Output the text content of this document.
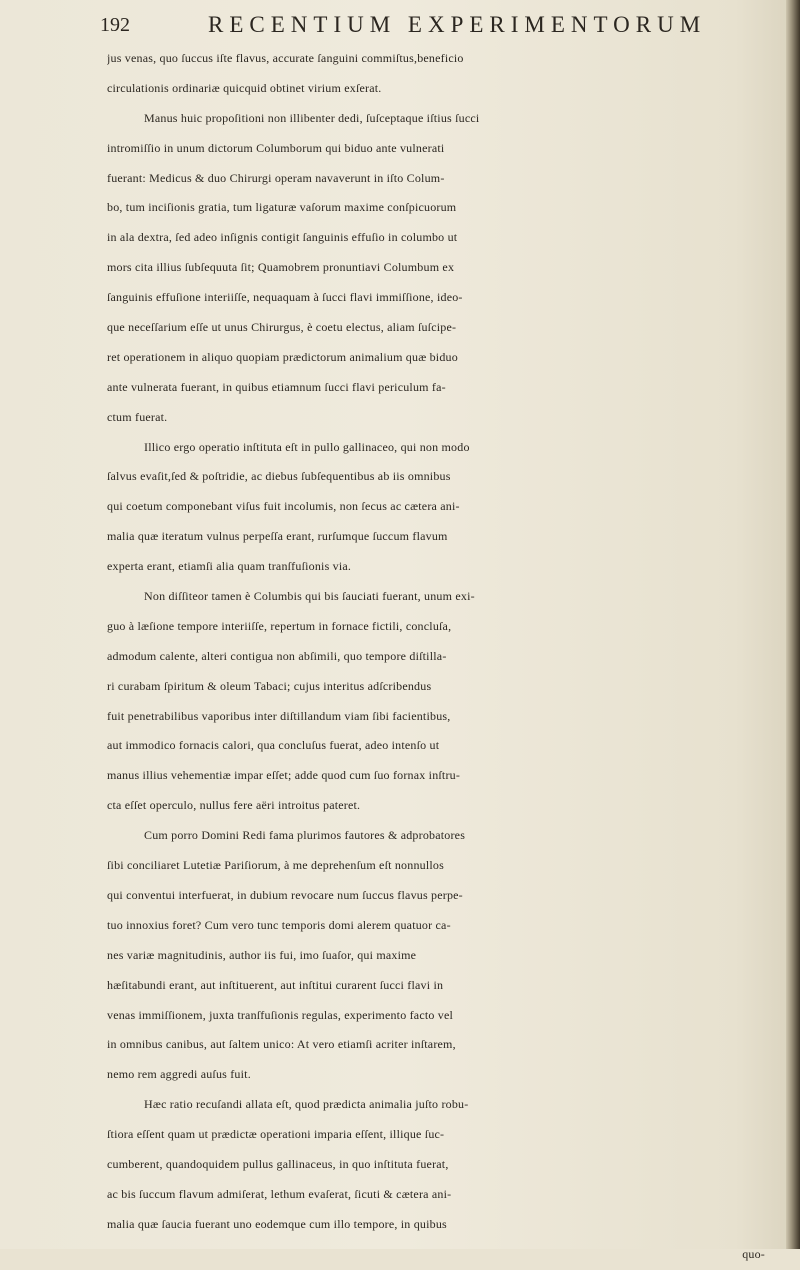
192	RECENTIUM EXPERIMENTORUM
jus venas, quo ſuccus iſte flavus, accurate ſanguini commiſtus,beneficio
circulationis ordinariæ quicquid obtinet virium exſerat.
Manus huic propoſitioni non illibenter dedi, ſuſceptaque iſtius ſucci
intromiſſio in unum dictorum Columborum qui biduo ante vulnerati
fuerant: Medicus & duo Chirurgi operam navaverunt in iſto Colum-
bo, tum inciſionis gratia, tum ligaturæ vaſorum maxime conſpicuorum
in ala dextra, ſed adeo inſignis contigit ſanguinis effuſio in columbo ut
mors cita illius ſubſequuta ſit; Quamobrem pronuntiavi Columbum ex
ſanguinis effuſione interiiſſe, nequaquam à ſucci flavi immiſſione, ideo-
que neceſſarium eſſe ut unus Chirurgus, è coetu electus, aliam ſuſcipe-
ret operationem in aliquo quopiam prædictorum animalium quæ biduo
ante vulnerata fuerant, in quibus etiamnum ſucci flavi periculum fa-
ctum fuerat.
Illico ergo operatio inſtituta eſt in pullo gallinaceo, qui non modo
ſalvus evaſit,ſed & poſtridie, ac diebus ſubſequentibus ab iis omnibus
qui coetum componebant viſus fuit incolumis, non ſecus ac cætera ani-
malia quæ iteratum vulnus perpeſſa erant, rurſumque ſuccum flavum
experta erant, etiamſi alia quam tranſfuſionis via.
Non diſſiteor tamen è Columbis qui bis ſauciati fuerant, unum exi-
guo à læſione tempore interiiſſe, repertum in fornace fictili, concluſa,
admodum calente, alteri contigua non abſimili, quo tempore diſtilla-
ri curabam ſpiritum & oleum Tabaci; cujus interitus adſcribendus
fuit penetrabilibus vaporibus inter diſtillandum viam ſibi facientibus,
aut immodico fornacis calori, qua concluſus fuerat, adeo intenſo ut
manus illius vehementiæ impar eſſet; adde quod cum ſuo fornax inſtru-
cta eſſet operculo, nullus fere aëri introitus pateret.
Cum porro Domini Redi fama plurimos fautores & adprobatores
ſibi conciliaret Lutetiæ Pariſiorum, à me deprehenſum eſt nonnullos
qui conventui interfuerat, in dubium revocare num ſuccus flavus perpe-
tuo innoxius foret? Cum vero tunc temporis domi alerem quatuor ca-
nes variæ magnitudinis, author iis fui, imo ſuaſor, qui maxime
hæſitabundi erant, aut inſtituerent, aut inſtitui curarent ſucci flavi in
venas immiſſionem, juxta tranſfuſionis regulas, experimento facto vel
in omnibus canibus, aut ſaltem unico: At vero etiamſi acriter inſtarem,
nemo rem aggredi auſus fuit.
Hæc ratio recuſandi allata eſt, quod prædicta animalia juſto robu-
ſtiora eſſent quam ut prædictæ operationi imparia eſſent, illique ſuc-
cumberent, quandoquidem pullus gallinaceus, in quo inſtituta fuerat,
ac bis ſuccum flavum admiſerat, lethum evaſerat, ſicuti & cætera ani-
malia quæ ſaucia fuerant uno eodemque cum illo tempore, in quibus
quo-
